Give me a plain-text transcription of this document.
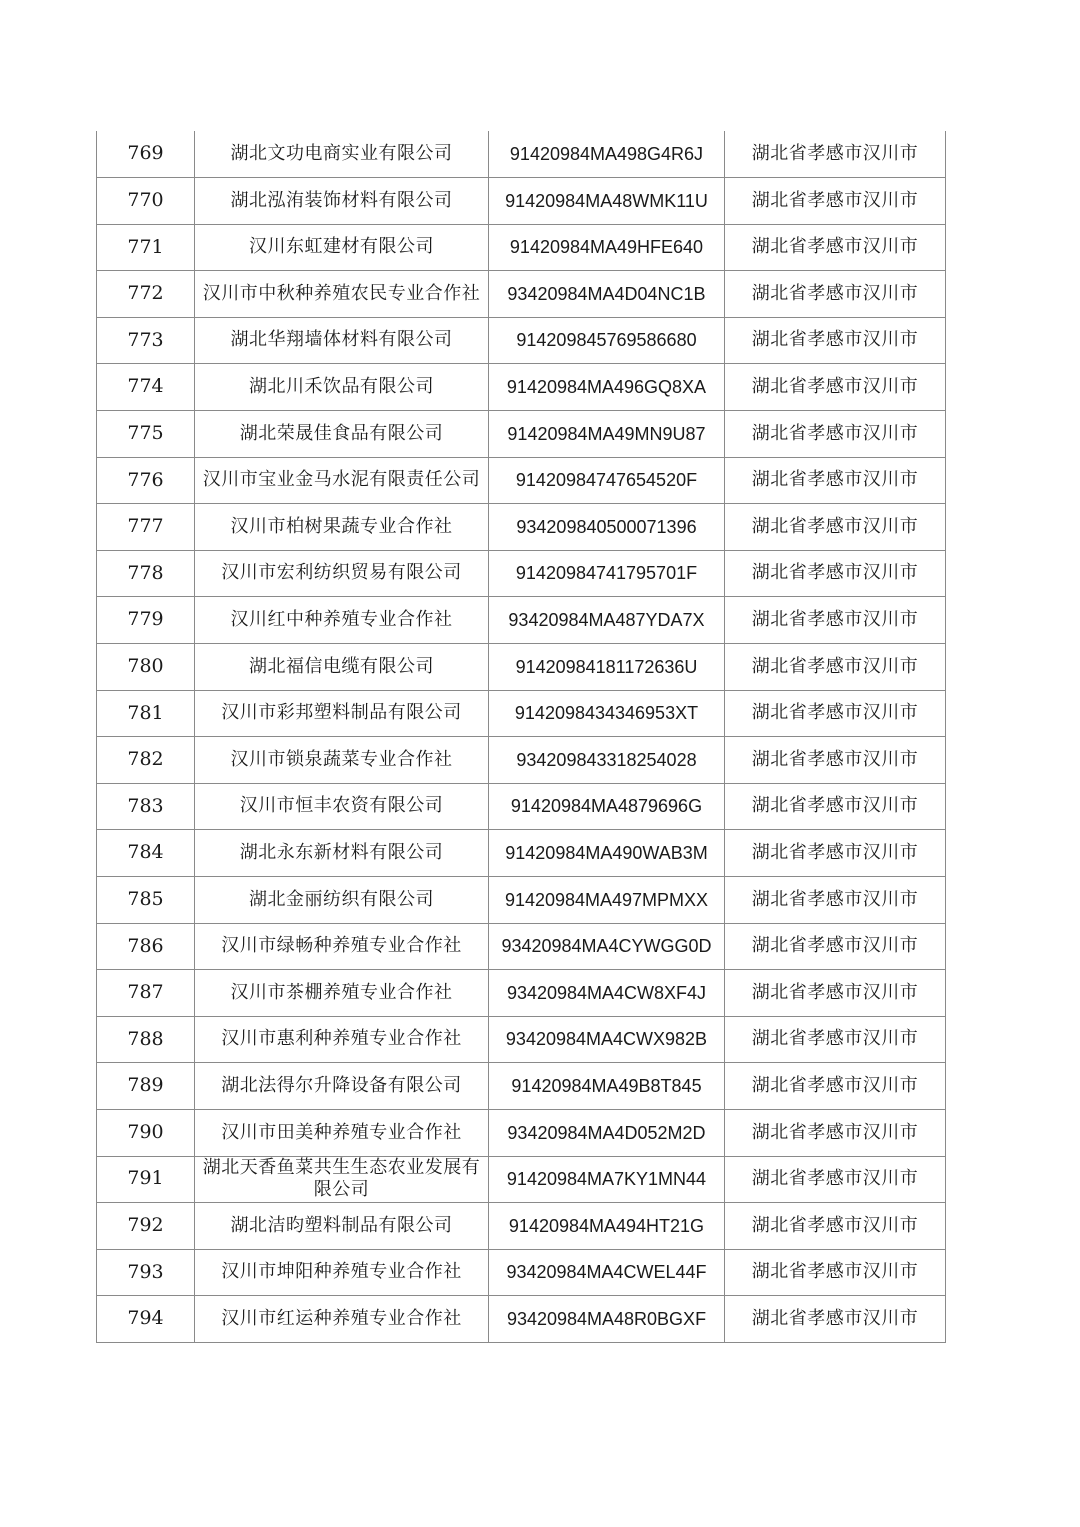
769	湖北文功电商实业有限公司	91420984MA498G4R6J	湖北省孝感市汉川市
770	湖北泓洧装饰材料有限公司	91420984MA48WMK11U	湖北省孝感市汉川市
771	汉川东虹建材有限公司	91420984MA49HFE640	湖北省孝感市汉川市
772	汉川市中秋种养殖农民专业合作社	93420984MA4D04NC1B	湖北省孝感市汉川市
773	湖北华翔墙体材料有限公司	914209845769586680	湖北省孝感市汉川市
774	湖北川禾饮品有限公司	91420984MA496GQ8XA	湖北省孝感市汉川市
775	湖北荣晟佳食品有限公司	91420984MA49MN9U87	湖北省孝感市汉川市
776	汉川市宝业金马水泥有限责任公司	91420984747654520F	湖北省孝感市汉川市
777	汉川市柏树果蔬专业合作社	934209840500071396	湖北省孝感市汉川市
778	汉川市宏利纺织贸易有限公司	91420984741795701F	湖北省孝感市汉川市
779	汉川红中种养殖专业合作社	93420984MA487YDA7X	湖北省孝感市汉川市
780	湖北福信电缆有限公司	91420984181172636U	湖北省孝感市汉川市
781	汉川市彩邦塑料制品有限公司	9142098434346953XT	湖北省孝感市汉川市
782	汉川市锁泉蔬菜专业合作社	934209843318254028	湖北省孝感市汉川市
783	汉川市恒丰农资有限公司	91420984MA4879696G	湖北省孝感市汉川市
784	湖北永东新材料有限公司	91420984MA490WAB3M	湖北省孝感市汉川市
785	湖北金丽纺织有限公司	91420984MA497MPMXX	湖北省孝感市汉川市
786	汉川市绿畅种养殖专业合作社	93420984MA4CYWGG0D	湖北省孝感市汉川市
787	汉川市茶棚养殖专业合作社	93420984MA4CW8XF4J	湖北省孝感市汉川市
788	汉川市惠利种养殖专业合作社	93420984MA4CWX982B	湖北省孝感市汉川市
789	湖北法得尔升降设备有限公司	91420984MA49B8T845	湖北省孝感市汉川市
790	汉川市田美种养殖专业合作社	93420984MA4D052M2D	湖北省孝感市汉川市
791	湖北天香鱼菜共生生态农业发展有限公司	91420984MA7KY1MN44	湖北省孝感市汉川市
792	湖北洁昀塑料制品有限公司	91420984MA494HT21G	湖北省孝感市汉川市
793	汉川市坤阳种养殖专业合作社	93420984MA4CWEL44F	湖北省孝感市汉川市
794	汉川市红运种养殖专业合作社	93420984MA48R0BGXF	湖北省孝感市汉川市
